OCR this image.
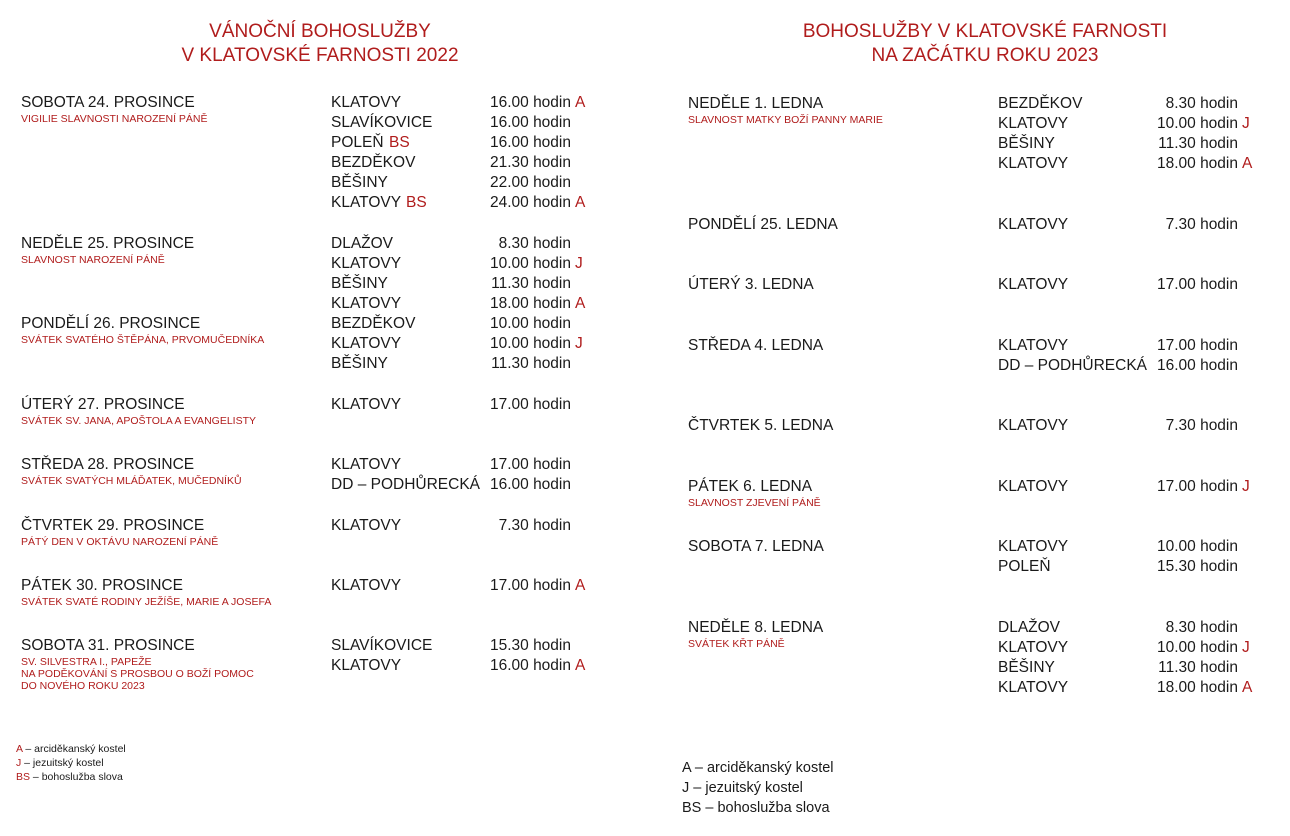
VÁNOČNÍ BOHOSLUŽBY
V KLATOVSKÉ FARNOSTI 2022
SOBOTA 24. PROSINCE
VIGILIE SLAVNOSTI NAROZENÍ PÁNĚ
KLATOVY	16.00 hodin A
SLAVÍKOVICE	16.00 hodin
POLEŇ BS	16.00 hodin
BEZDĚKOV	21.30 hodin
BĚŠINY	22.00 hodin
KLATOVY BS	24.00 hodin A
NEDĚLE 25. PROSINCE
SLAVNOST NAROZENÍ PÁNĚ
DLAŽOV	8.30 hodin
KLATOVY	10.00 hodin J
BĚŠINY	11.30 hodin
KLATOVY	18.00 hodin A
PONDĚLÍ 26. PROSINCE
SVÁTEK SVATÉHO ŠTĚPÁNA, PRVOMUČEDNÍKA
BEZDĚKOV	10.00 hodin
KLATOVY	10.00 hodin J
BĚŠINY	11.30 hodin
ÚTERÝ 27. PROSINCE
SVÁTEK SV. JANA, APOŠTOLA A EVANGELISTY
KLATOVY	17.00 hodin
STŘEDA 28. PROSINCE
SVÁTEK SVATÝCH MLÁĎATEK, MUČEDNÍKŮ
KLATOVY	17.00 hodin
DD – PODHŮRECKÁ 16.00 hodin
ČTVRTEK 29. PROSINCE
PÁTÝ DEN V OKTÁVU NAROZENÍ PÁNĚ
KLATOVY	7.30 hodin
PÁTEK 30. PROSINCE
SVÁTEK SVATÉ RODINY JEŽÍŠE, MARIE A JOSEFA
KLATOVY	17.00 hodin A
SOBOTA 31. PROSINCE
SV. SILVESTRA I., PAPEŽE
NA PODĚKOVÁNÍ S PROSBOU O BOŽÍ POMOC
DO NOVÉHO ROKU 2023
SLAVÍKOVICE	15.30 hodin
KLATOVY	16.00 hodin A
A – arciděkanský kostel
J – jezuitský kostel
BS – bohoslužba slova
BOHOSLUŽBY V KLATOVSKÉ FARNOSTI
NA ZAČÁTKU ROKU 2023
NEDĚLE 1. LEDNA
SLAVNOST MATKY BOŽÍ PANNY MARIE
BEZDĚKOV	8.30 hodin
KLATOVY	10.00 hodin J
BĚŠINY	11.30 hodin
KLATOVY	18.00 hodin A
PONDĚLÍ 25. LEDNA	KLATOVY	7.30 hodin
ÚTERÝ 3. LEDNA	KLATOVY	17.00 hodin
STŘEDA 4. LEDNA	KLATOVY	17.00 hodin
DD – PODHŮRECKÁ 16.00 hodin
ČTVRTEK 5. LEDNA	KLATOVY	7.30 hodin
PÁTEK 6. LEDNA
SLAVNOST ZJEVENÍ PÁNĚ
KLATOVY	17.00 hodin J
SOBOTA 7. LEDNA	KLATOVY	10.00 hodin
POLEŇ	15.30 hodin
NEDĚLE 8. LEDNA
SVÁTEK KŘT PÁNĚ
DLAŽOV	8.30 hodin
KLATOVY	10.00 hodin J
BĚŠINY	11.30 hodin
KLATOVY	18.00 hodin A
A – arciděkanský kostel
J – jezuitský kostel
BS – bohoslužba slova
